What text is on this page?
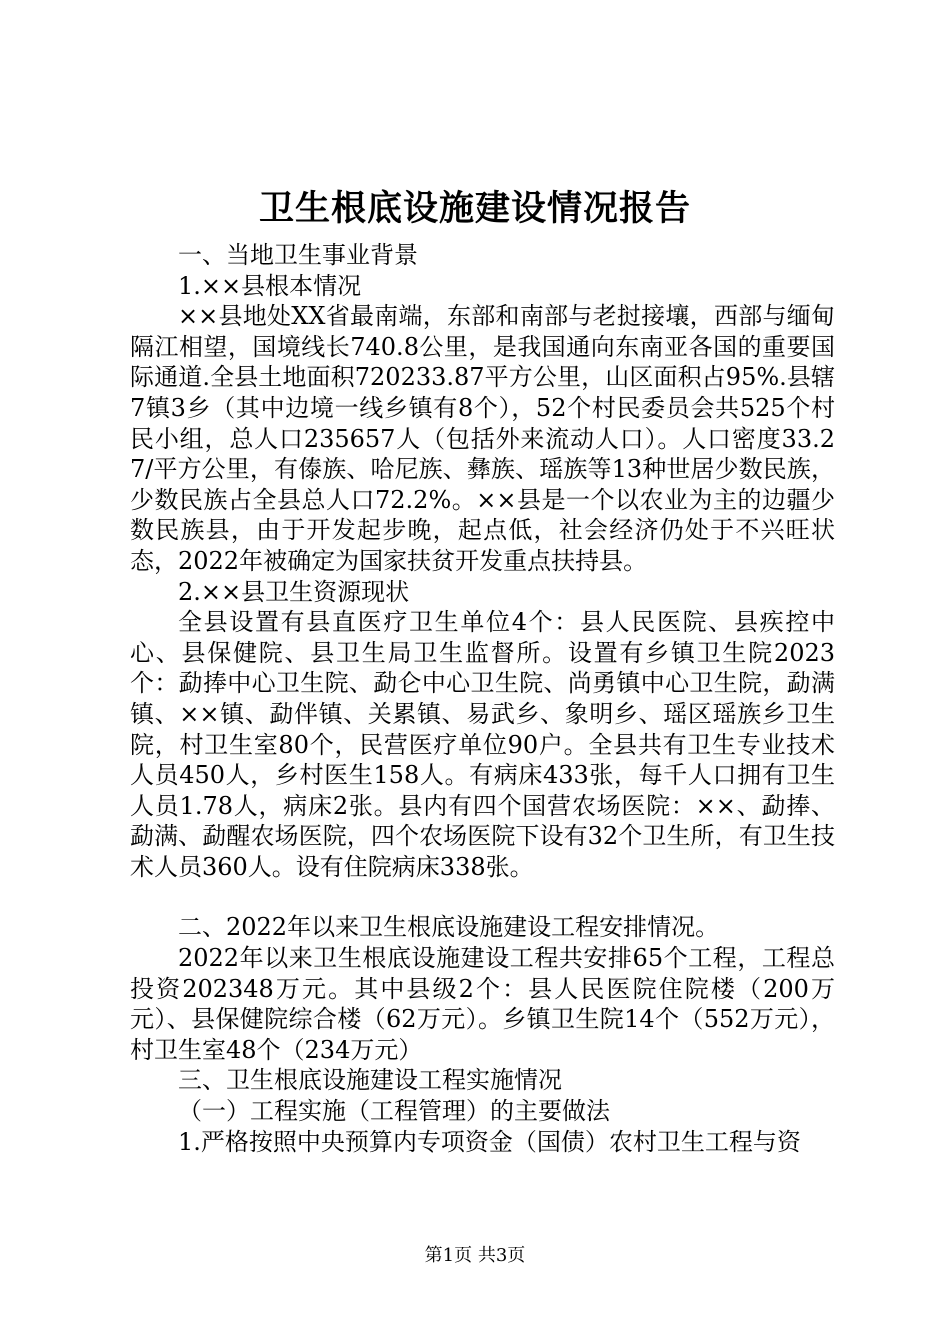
卫生根底设施建设情况报告

一、当地卫生事业背景

1.××县根本情况

××县地处XX省最南端，东部和南部与老挝接壤，西部与缅甸隔江相望，国境线长740.8公里，是我国通向东南亚各国的重要国际通道.全县土地面积720233.87平方公里，山区面积占95%.县辖7镇3乡（其中边境一线乡镇有8个），52个村民委员会共525个村民小组，总人口235657人（包括外来流动人口）。人口密度33.27/平方公里，有傣族、哈尼族、彝族、瑶族等13种世居少数民族，少数民族占全县总人口72.2%。××县是一个以农业为主的边疆少数民族县，由于开发起步晚，起点低，社会经济仍处于不兴旺状态，2022年被确定为国家扶贫开发重点扶持县。

2.××县卫生资源现状

全县设置有县直医疗卫生单位4个：县人民医院、县疾控中心、县保健院、县卫生局卫生监督所。设置有乡镇卫生院2023个：勐捧中心卫生院、勐仑中心卫生院、尚勇镇中心卫生院，勐满镇、××镇、勐伴镇、关累镇、易武乡、象明乡、瑶区瑶族乡卫生院，村卫生室80个，民营医疗单位90户。全县共有卫生专业技术人员450人，乡村医生158人。有病床433张，每千人口拥有卫生人员1.78人，病床2张。县内有四个国营农场医院：××、勐捧、勐满、勐醒农场医院，四个农场医院下设有32个卫生所，有卫生技术人员360人。设有住院病床338张。

二、2022年以来卫生根底设施建设工程安排情况。

2022年以来卫生根底设施建设工程共安排65个工程，工程总投资202348万元。其中县级2个：县人民医院住院楼（200万元）、县保健院综合楼（62万元）。乡镇卫生院14个（552万元），村卫生室48个（234万元）

三、卫生根底设施建设工程实施情况

（一）工程实施（工程管理）的主要做法

1.严格按照中央预算内专项资金（国债）农村卫生工程与资

第1页 共3页
